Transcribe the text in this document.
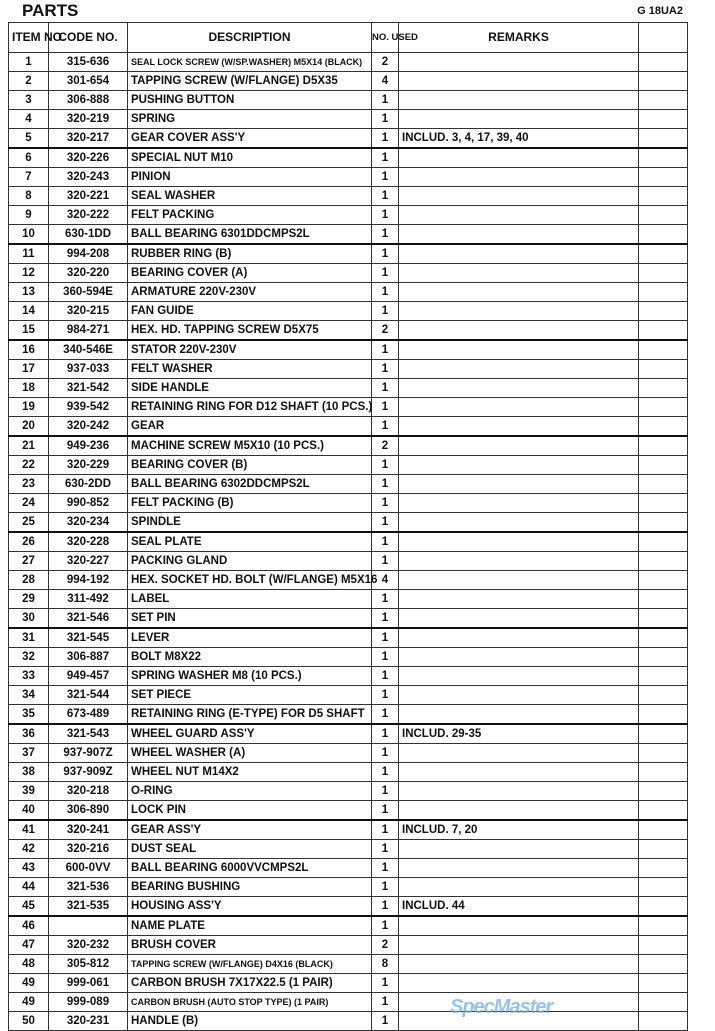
PARTS	G 18UA2
ITEM NO.	CODE NO.	DESCRIPTION	NO. USED	REMARKS	
1	315-636	SEAL LOCK SCREW (W/SP.WASHER) M5X14 (BLACK)	2		
2	301-654	TAPPING SCREW (W/FLANGE) D5X35	4		
3	306-888	PUSHING BUTTON	1		
4	320-219	SPRING	1		
5	320-217	GEAR COVER ASS'Y	1	INCLUD. 3, 4, 17, 39, 40	
6	320-226	SPECIAL NUT M10	1		
7	320-243	PINION	1		
8	320-221	SEAL WASHER	1		
9	320-222	FELT PACKING	1		
10	630-1DD	BALL BEARING 6301DDCMPS2L	1		
11	994-208	RUBBER RING (B)	1		
12	320-220	BEARING COVER (A)	1		
13	360-594E	ARMATURE 220V-230V	1		
14	320-215	FAN GUIDE	1		
15	984-271	HEX. HD. TAPPING SCREW D5X75	2		
16	340-546E	STATOR 220V-230V	1		
17	937-033	FELT WASHER	1		
18	321-542	SIDE HANDLE	1		
19	939-542	RETAINING RING FOR D12 SHAFT (10 PCS.)	1		
20	320-242	GEAR	1		
21	949-236	MACHINE SCREW M5X10 (10 PCS.)	2		
22	320-229	BEARING COVER (B)	1		
23	630-2DD	BALL BEARING 6302DDCMPS2L	1		
24	990-852	FELT PACKING (B)	1		
25	320-234	SPINDLE	1		
26	320-228	SEAL PLATE	1		
27	320-227	PACKING GLAND	1		
28	994-192	HEX. SOCKET HD. BOLT (W/FLANGE) M5X16	4		
29	311-492	LABEL	1		
30	321-546	SET PIN	1		
31	321-545	LEVER	1		
32	306-887	BOLT M8X22	1		
33	949-457	SPRING WASHER M8 (10 PCS.)	1		
34	321-544	SET PIECE	1		
35	673-489	RETAINING RING (E-TYPE) FOR D5 SHAFT	1		
36	321-543	WHEEL GUARD ASS'Y	1	INCLUD. 29-35	
37	937-907Z	WHEEL WASHER (A)	1		
38	937-909Z	WHEEL NUT M14X2	1		
39	320-218	O-RING	1		
40	306-890	LOCK PIN	1		
41	320-241	GEAR ASS'Y	1	INCLUD. 7, 20	
42	320-216	DUST SEAL	1		
43	600-0VV	BALL BEARING 6000VVCMPS2L	1		
44	321-536	BEARING BUSHING	1		
45	321-535	HOUSING ASS'Y	1	INCLUD. 44	
46		NAME PLATE	1		
47	320-232	BRUSH COVER	2		
48	305-812	TAPPING SCREW (W/FLANGE) D4X16 (BLACK)	8		
49	999-061	CARBON BRUSH 7X17X22.5 (1 PAIR)	1		
49	999-089	CARBON BRUSH (AUTO STOP TYPE) (1 PAIR)	1		
50	320-231	HANDLE (B)	1		
SpecMaster
